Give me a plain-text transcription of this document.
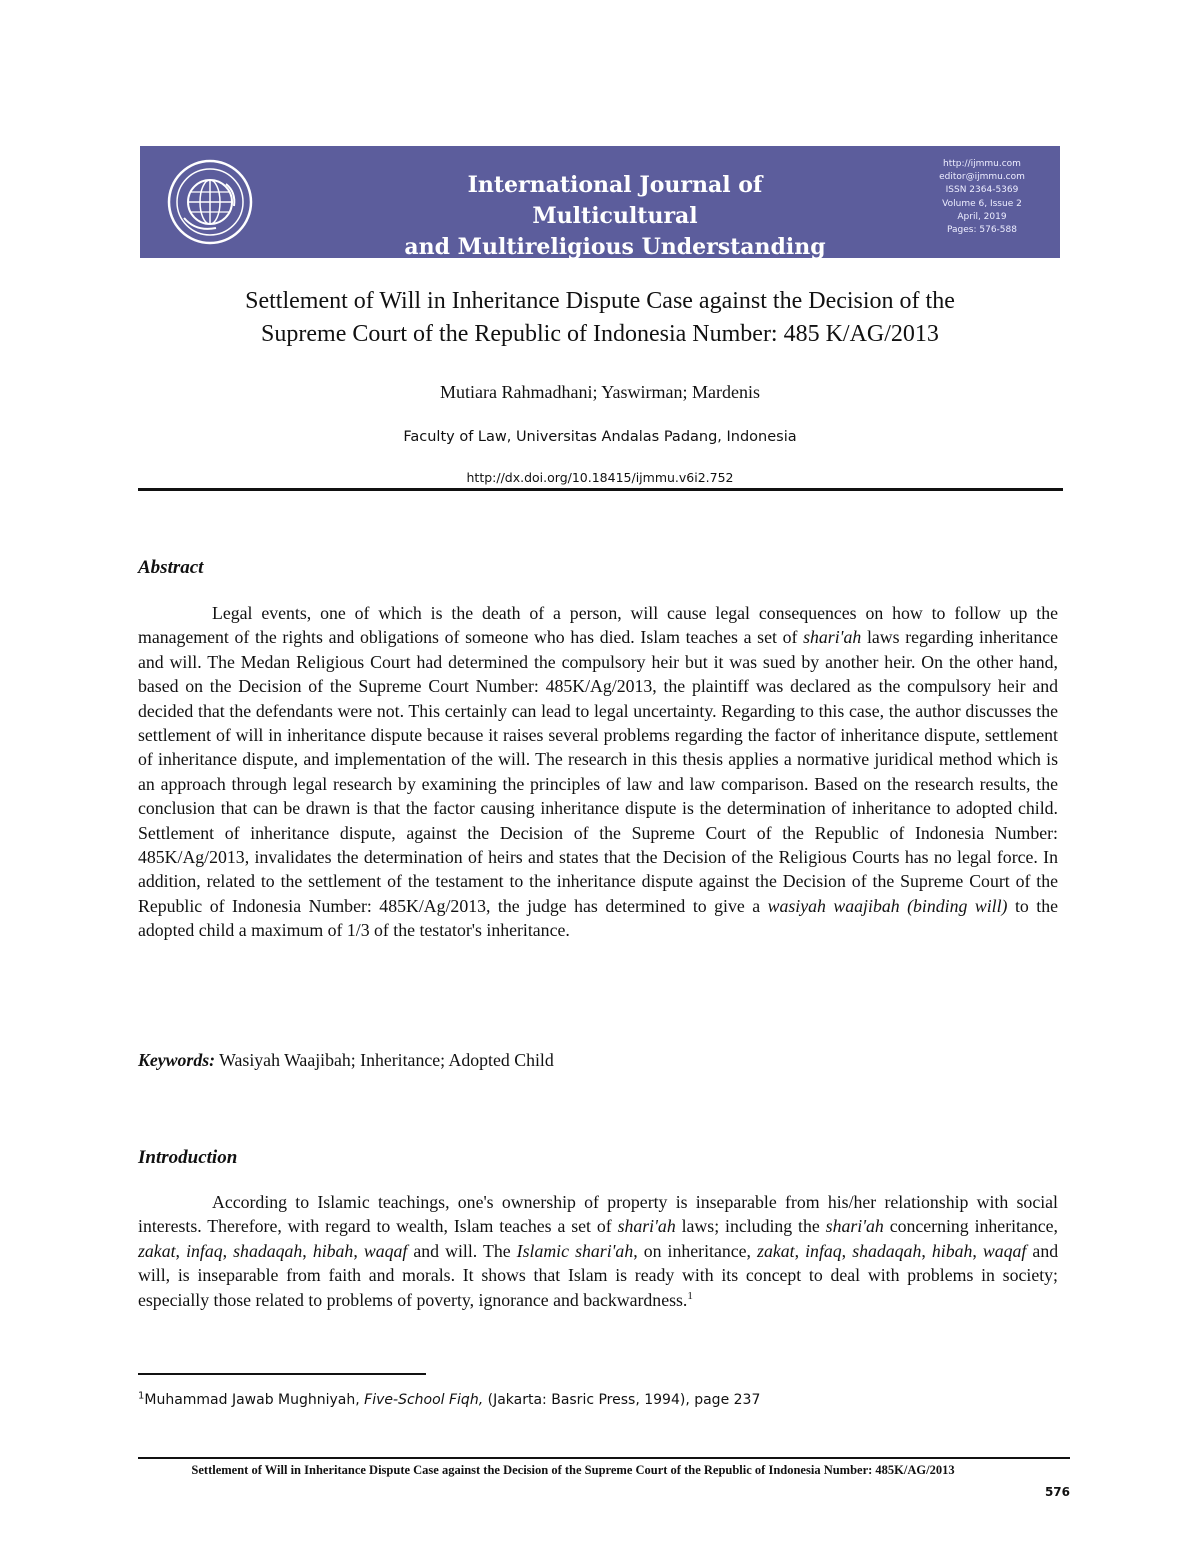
International Journal of Multicultural
and Multireligious Understanding
http://ijmmu.com
editor@ijmmu.com
ISSN 2364-5369
Volume 6, Issue 2
April, 2019
Pages: 576-588
Settlement of Will in Inheritance Dispute Case against the Decision of the
Supreme Court of the Republic of Indonesia Number: 485 K/AG/2013
Mutiara Rahmadhani; Yaswirman; Mardenis
Faculty of Law, Universitas Andalas Padang, Indonesia
http://dx.doi.org/10.18415/ijmmu.v6i2.752
Abstract
Legal events, one of which is the death of a person, will cause legal consequences on how to follow up the management of the rights and obligations of someone who has died. Islam teaches a set of shari'ah laws regarding inheritance and will. The Medan Religious Court had determined the compulsory heir but it was sued by another heir. On the other hand, based on the Decision of the Supreme Court Number: 485K/Ag/2013, the plaintiff was declared as the compulsory heir and decided that the defendants were not. This certainly can lead to legal uncertainty. Regarding to this case, the author discusses the settlement of will in inheritance dispute because it raises several problems regarding the factor of inheritance dispute, settlement of inheritance dispute, and implementation of the will. The research in this thesis applies a normative juridical method which is an approach through legal research by examining the principles of law and law comparison. Based on the research results, the conclusion that can be drawn is that the factor causing inheritance dispute is the determination of inheritance to adopted child. Settlement of inheritance dispute, against the Decision of the Supreme Court of the Republic of Indonesia Number: 485K/Ag/2013, invalidates the determination of heirs and states that the Decision of the Religious Courts has no legal force. In addition, related to the settlement of the testament to the inheritance dispute against the Decision of the Supreme Court of the Republic of Indonesia Number: 485K/Ag/2013, the judge has determined to give a wasiyah waajibah (binding will) to the adopted child a maximum of 1/3 of the testator's inheritance.
Keywords: Wasiyah Waajibah; Inheritance; Adopted Child
Introduction
According to Islamic teachings, one's ownership of property is inseparable from his/her relationship with social interests. Therefore, with regard to wealth, Islam teaches a set of shari'ah laws; including the shari'ah concerning inheritance, zakat, infaq, shadaqah, hibah, waqaf and will. The Islamic shari'ah, on inheritance, zakat, infaq, shadaqah, hibah, waqaf and will, is inseparable from faith and morals. It shows that Islam is ready with its concept to deal with problems in society; especially those related to problems of poverty, ignorance and backwardness.$^1$
$^1$Muhammad Jawab Mughniyah, Five-School Fiqh, (Jakarta: Basric Press, 1994), page 237
Settlement of Will in Inheritance Dispute Case against the Decision of the Supreme Court of the Republic of Indonesia Number: 485K/AG/2013
576
